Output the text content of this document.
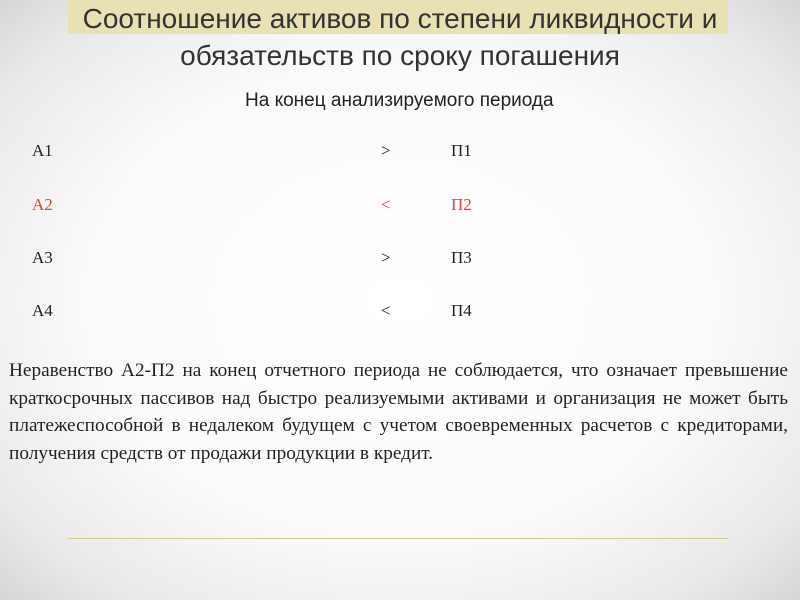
Соотношение активов по степени ликвидности и
обязательств по сроку погашения
На конец анализируемого периода
А1	>	П1
А2	<	П2
А3	>	П3
А4	<	П4
Неравенство А2-П2 на конец отчетного периода не соблюдается, что означает превышение краткосрочных пассивов над быстро реализуемыми активами и организация не может быть платежеспособной в недалеком будущем с учетом своевременных расчетов с кредиторами, получения средств от продажи продукции в кредит.
